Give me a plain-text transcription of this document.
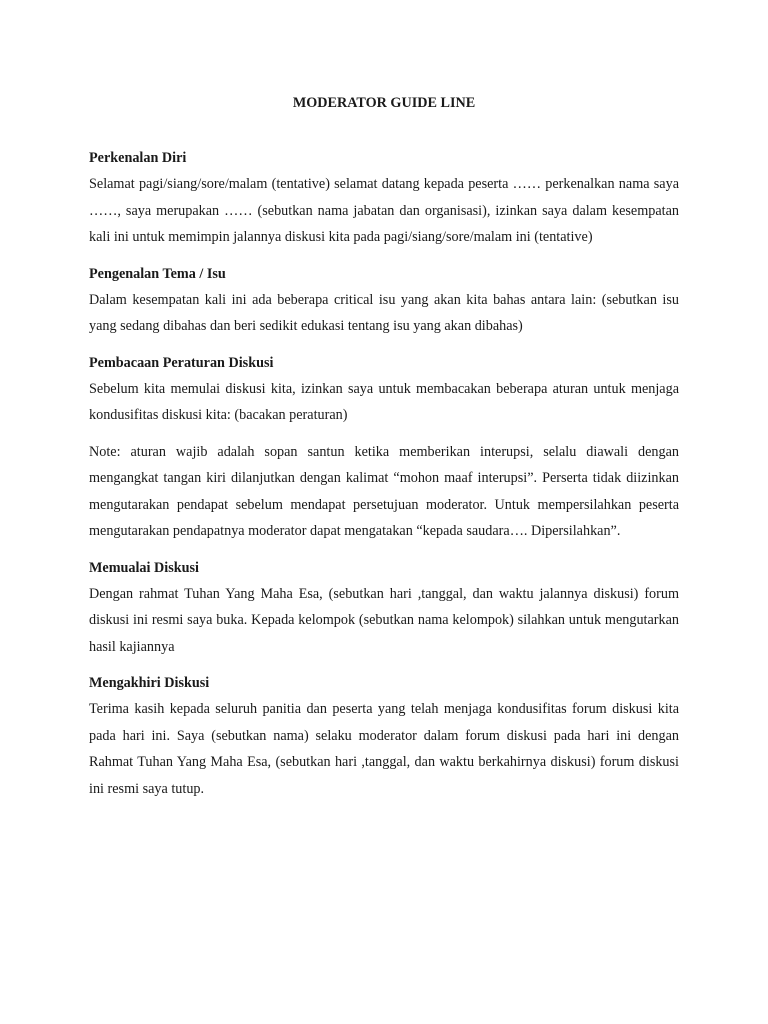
MODERATOR GUIDE LINE

Perkenalan Diri

Selamat pagi/siang/sore/malam (tentative) selamat datang kepada peserta …… perkenalkan nama saya ……, saya merupakan …… (sebutkan nama jabatan dan organisasi), izinkan saya dalam kesempatan kali ini untuk memimpin jalannya diskusi kita pada pagi/siang/sore/malam ini (tentative)

Pengenalan Tema / Isu

Dalam kesempatan kali ini ada beberapa critical isu yang akan kita bahas antara lain: (sebutkan isu yang sedang dibahas dan beri sedikit edukasi tentang isu yang akan dibahas)

Pembacaan Peraturan Diskusi

Sebelum kita memulai diskusi kita, izinkan saya untuk membacakan beberapa aturan untuk menjaga kondusifitas diskusi kita: (bacakan peraturan)

Note: aturan wajib adalah sopan santun ketika memberikan interupsi, selalu diawali dengan mengangkat tangan kiri dilanjutkan dengan kalimat “mohon maaf interupsi”. Perserta tidak diizinkan mengutarakan pendapat sebelum mendapat persetujuan moderator. Untuk mempersilahkan peserta mengutarakan pendapatnya moderator dapat mengatakan “kepada saudara…. Dipersilahkan”.

Memualai Diskusi

Dengan rahmat Tuhan Yang Maha Esa, (sebutkan hari ,tanggal, dan waktu jalannya diskusi) forum diskusi ini resmi saya buka. Kepada kelompok (sebutkan nama kelompok) silahkan untuk mengutarkan hasil kajiannya

Mengakhiri Diskusi

Terima kasih kepada seluruh panitia dan peserta yang telah menjaga kondusifitas forum diskusi kita pada hari ini. Saya (sebutkan nama) selaku moderator dalam forum diskusi pada hari ini dengan Rahmat Tuhan Yang Maha Esa, (sebutkan hari ,tanggal, dan waktu berkahirnya diskusi) forum diskusi ini resmi saya tutup.
